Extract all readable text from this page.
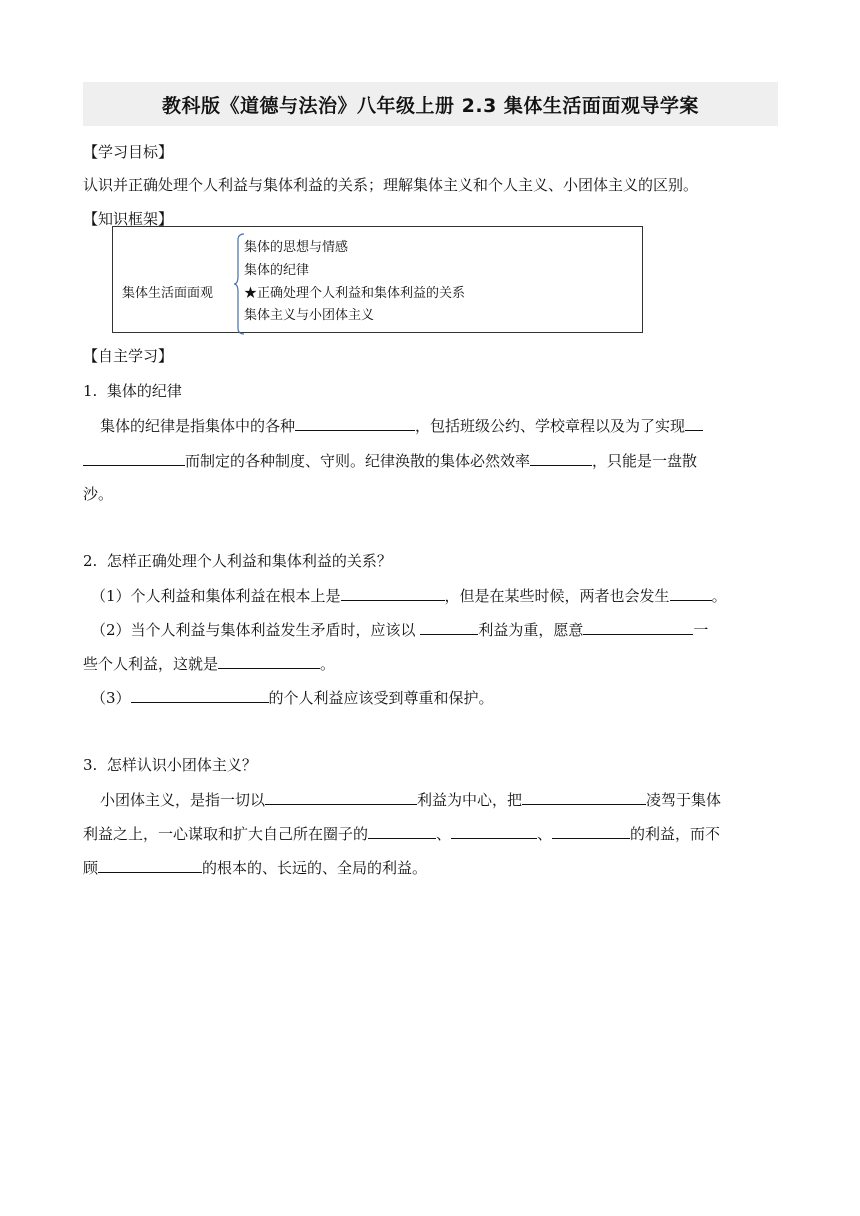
教科版《道德与法治》八年级上册 2.3 集体生活面面观导学案
【学习目标】
认识并正确处理个人利益与集体利益的关系；理解集体主义和个人主义、小团体主义的区别。
【知识框架】
集体生活面面观
集体的思想与情感
集体的纪律
★正确处理个人利益和集体利益的关系
集体主义与小团体主义
【自主学习】
1. 集体的纪律
集体的纪律是指集体中的各种	，包括班级公约、学校章程以及为了实现
而制定的各种制度、守则。纪律涣散的集体必然效率	，只能是一盘散
沙。
2. 怎样正确处理个人利益和集体利益的关系？
（1）个人利益和集体利益在根本上是	，但是在某些时候，两者也会发生	。
（2）当个人利益与集体利益发生矛盾时，应该以	利益为重，愿意	一
些个人利益，这就是	。
（3）	的个人利益应该受到尊重和保护。
3. 怎样认识小团体主义？
小团体主义，是指一切以	利益为中心，把	凌驾于集体
利益之上，一心谋取和扩大自己所在圈子的	、	、	的利益，而不
顾	的根本的、长远的、全局的利益。
